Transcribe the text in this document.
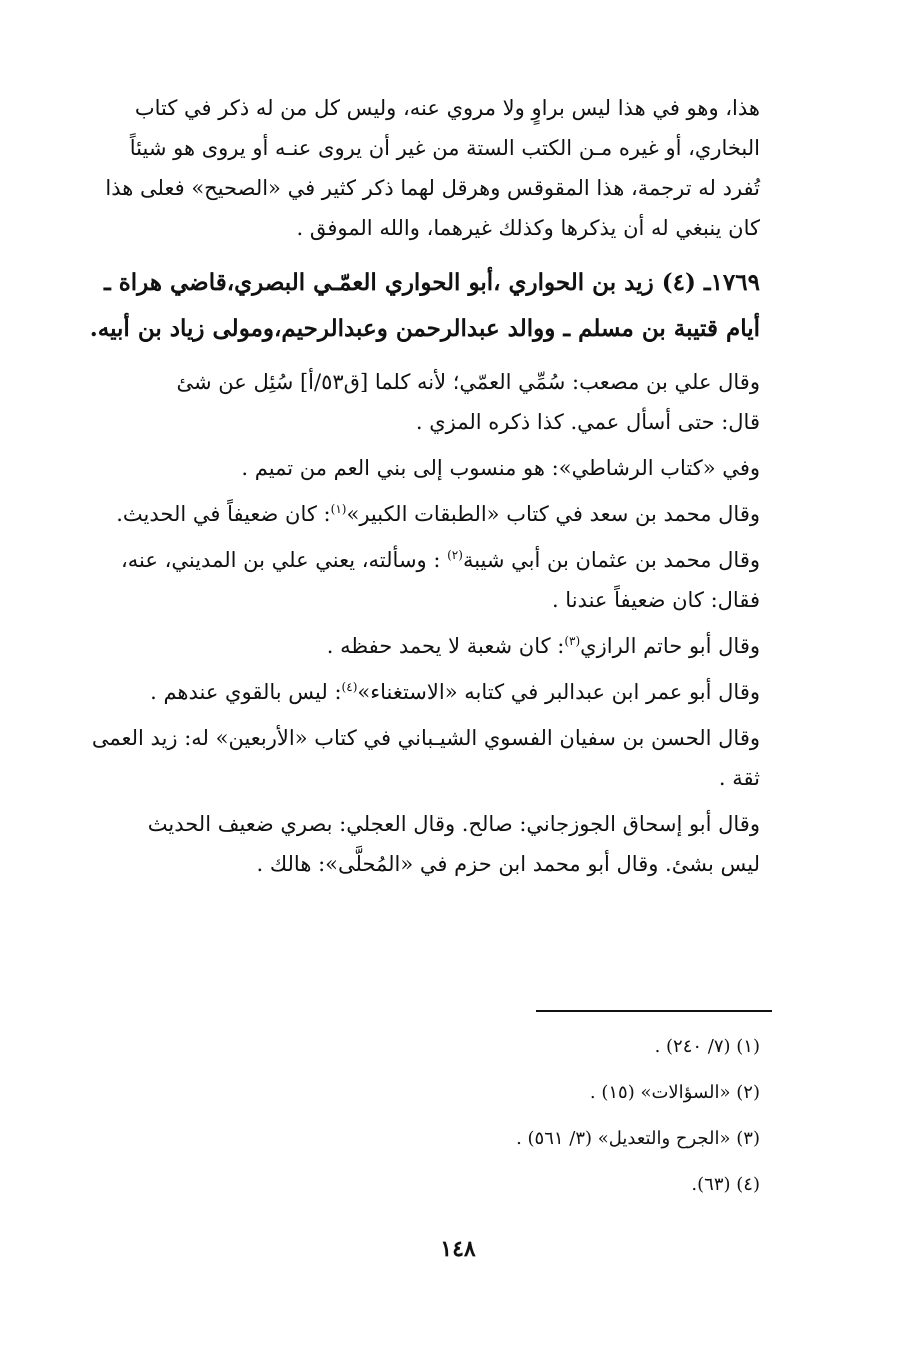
هذا، وهو في هذا ليس براوٍ ولا مروي عنه، وليس كل من له ذكر في كتاب

البخاري، أو غيره مـن الكتب الستة من غير أن يروى عنـه أو يروى هو شيئاً

تُفرد له ترجمة، هذا المقوقس وهرقل لهما ذكر كثير في «الصحيح» فعلى هذا

كان ينبغي له أن يذكرها وكذلك غيرهما، والله الموفق .

١٧٦٩ـ (٤) زيد بن الحواري ،أبو الحواري العمّـي البصري،قاضي هراة ـ
أيام قتيبة بن مسلم ـ ووالد عبدالرحمن وعبدالرحيم،ومولى زياد بن أبيه.

وقال علي بن مصعب: سُمِّي العمّي؛ لأنه كلما [ق٥٣/أ] سُئِل عن شئ

قال: حتى أسأل عمي. كذا ذكره المزي .

وفي «كتاب الرشاطي»: هو منسوب إلى بني العم من تميم .

وقال محمد بن سعد في كتاب «الطبقات الكبير»$^{(١)}$: كان ضعيفاً في الحديث.

وقال محمد بن عثمان بن أبي شيبة$^{(٢)}$ : وسألته، يعني علي بن المديني، عنه،

فقال: كان ضعيفاً عندنا .

وقال أبو حاتم الرازي$^{(٣)}$: كان شعبة لا يحمد حفظه .

وقال أبو عمر ابن عبدالبر في كتابه «الاستغناء»$^{(٤)}$: ليس بالقوي عندهم .

وقال الحسن بن سفيان الفسوي الشيـباني في كتاب «الأربعين» له: زيد العمى

ثقة .

وقال أبو إسحاق الجوزجاني: صالح. وقال العجلي: بصري ضعيف الحديث

ليس بشئ. وقال أبو محمد ابن حزم في «المُحلَّى»: هالك .

(١) (٧/ ٢٤٠) .

(٢) «السؤالات» (١٥) .

(٣) «الجرح والتعديل» (٣/ ٥٦١) .

(٤) (٦٣).

١٤٨
